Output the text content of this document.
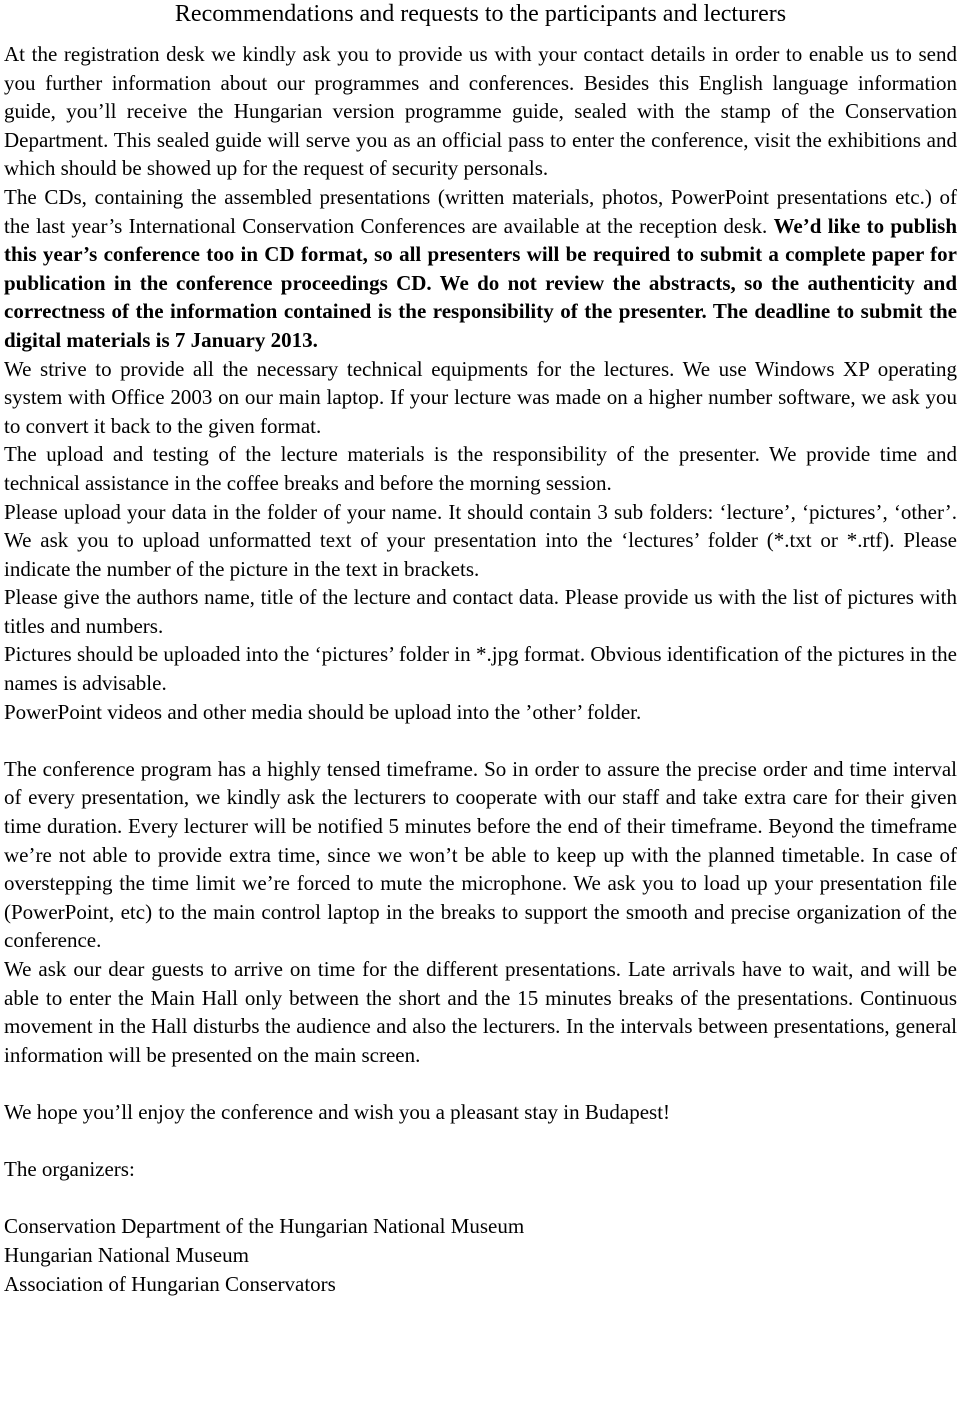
Recommendations and requests to the participants and lecturers

At the registration desk we kindly ask you to provide us with your contact details in order to enable us to send you further information about our programmes and conferences. Besides this English language information guide, you’ll receive the Hungarian version programme guide, sealed with the stamp of the Conservation Department. This sealed guide will serve you as an official pass to enter the conference, visit the exhibitions and which should be showed up for the request of security personals.

The CDs, containing the assembled presentations (written materials, photos, PowerPoint presentations etc.) of the last year’s International Conservation Conferences are available at the reception desk. We’d like to publish this year’s conference too in CD format, so all presenters will be required to submit a complete paper for publication in the conference proceedings CD. We do not review the abstracts, so the authenticity and correctness of the information contained is the responsibility of the presenter. The deadline to submit the digital materials is 7 January 2013.

We strive to provide all the necessary technical equipments for the lectures. We use Windows XP operating system with Office 2003 on our main laptop. If your lecture was made on a higher number software, we ask you to convert it back to the given format.

The upload and testing of the lecture materials is the responsibility of the presenter. We provide time and technical assistance in the coffee breaks and before the morning session.

Please upload your data in the folder of your name. It should contain 3 sub folders: ‘lecture’, ‘pictures’, ‘other’. We ask you to upload unformatted text of your presentation into the ‘lectures’ folder (*.txt or *.rtf). Please indicate the number of the picture in the text in brackets.

Please give the authors name, title of the lecture and contact data. Please provide us with the list of pictures with titles and numbers.

Pictures should be uploaded into the ‘pictures’ folder in *.jpg format. Obvious identification of the pictures in the names is advisable.

PowerPoint videos and other media should be upload into the ’other’ folder.

The conference program has a highly tensed timeframe. So in order to assure the precise order and time interval of every presentation, we kindly ask the lecturers to cooperate with our staff and take extra care for their given time duration. Every lecturer will be notified 5 minutes before the end of their timeframe. Beyond the timeframe we’re not able to provide extra time, since we won’t be able to keep up with the planned timetable. In case of overstepping the time limit we’re forced to mute the microphone. We ask you to load up your presentation file (PowerPoint, etc) to the main control laptop in the breaks to support the smooth and precise organization of the conference.

We ask our dear guests to arrive on time for the different presentations. Late arrivals have to wait, and will be able to enter the Main Hall only between the short and the 15 minutes breaks of the presentations. Continuous movement in the Hall disturbs the audience and also the lecturers. In the intervals between presentations, general information will be presented on the main screen.

We hope you’ll enjoy the conference and wish you a pleasant stay in Budapest!

The organizers:

Conservation Department of the Hungarian National Museum

Hungarian National Museum

Association of Hungarian Conservators
